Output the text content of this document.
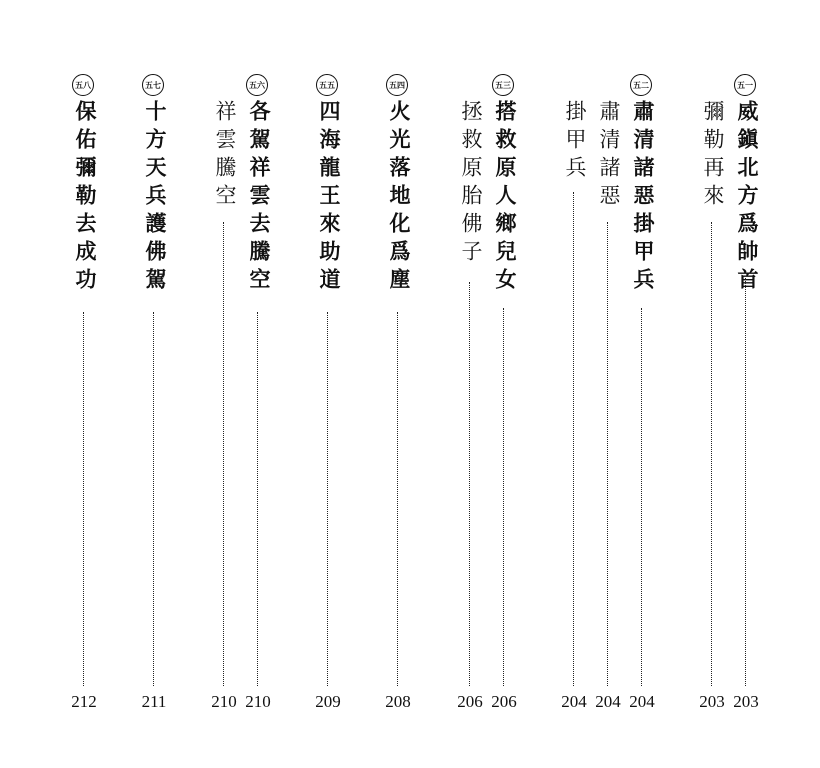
五一
威鎭北方爲帥首
203
彌勒再來
203
五二
肅清諸惡掛甲兵
204
肅清諸惡
204
掛甲兵
204
五三
搭救原人鄉兒女
206
拯救原胎佛子
206
五四
火光落地化爲塵
208
五五
四海龍王來助道
209
五六
各駕祥雲去騰空
210
祥雲騰空
210
五七
十方天兵護佛駕
211
五八
保佑彌勒去成功
212
